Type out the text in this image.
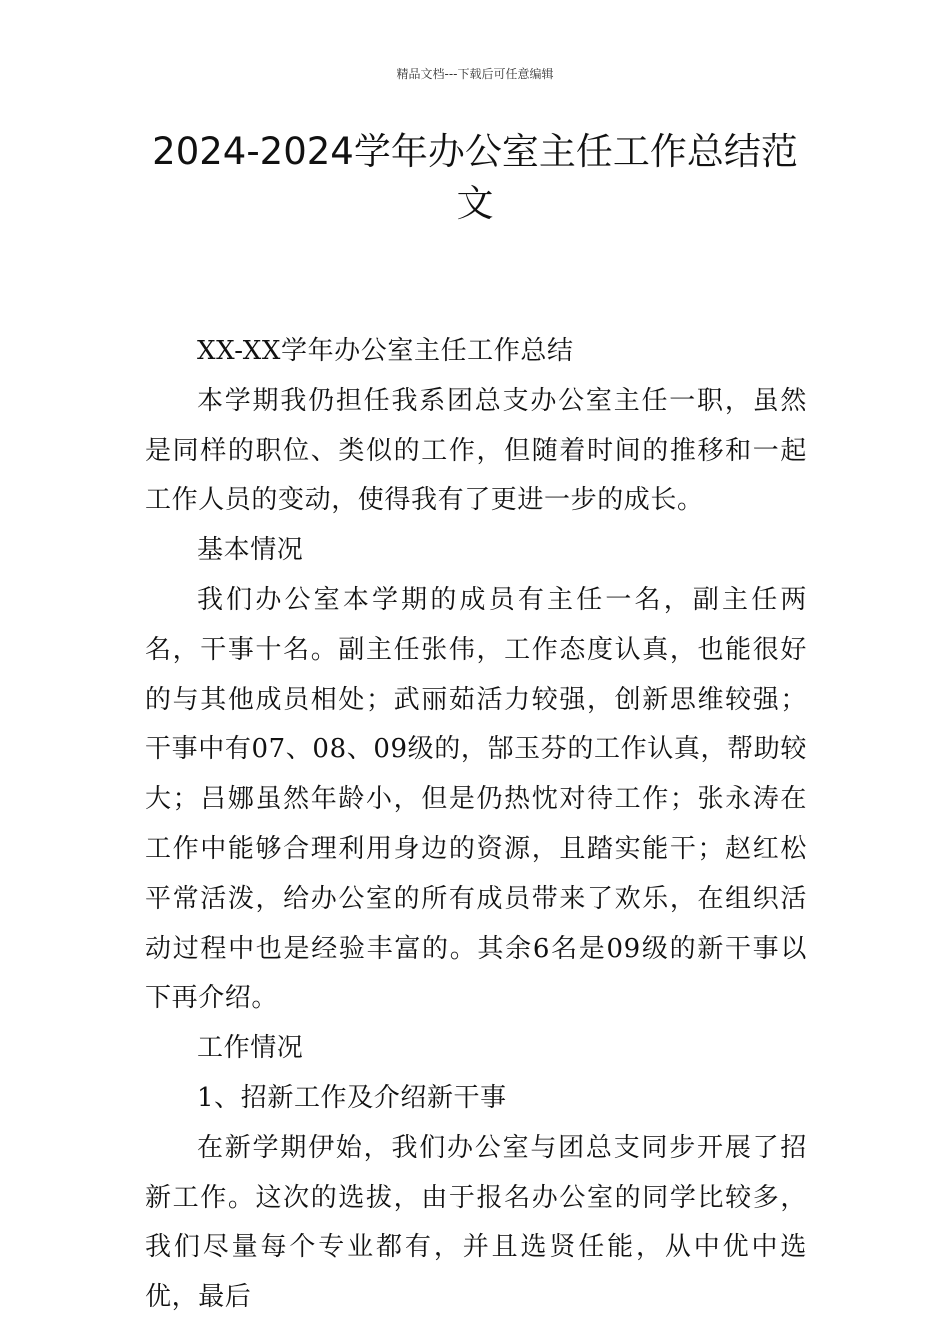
精品文档---下载后可任意编辑
2024-2024学年办公室主任工作总结范文

XX-XX学年办公室主任工作总结

本学期我仍担任我系团总支办公室主任一职，虽然是同样的职位、类似的工作，但随着时间的推移和一起工作人员的变动，使得我有了更进一步的成长。

基本情况

我们办公室本学期的成员有主任一名，副主任两名，干事十名。副主任张伟，工作态度认真，也能很好的与其他成员相处；武丽茹活力较强，创新思维较强；干事中有07、08、09级的，郜玉芬的工作认真，帮助较大；吕娜虽然年龄小，但是仍热忱对待工作；张永涛在工作中能够合理利用身边的资源，且踏实能干；赵红松平常活泼，给办公室的所有成员带来了欢乐，在组织活动过程中也是经验丰富的。其余6名是09级的新干事以下再介绍。

工作情况

1、招新工作及介绍新干事

在新学期伊始，我们办公室与团总支同步开展了招新工作。这次的选拔，由于报名办公室的同学比较多，我们尽量每个专业都有，并且选贤任能，从中优中选优，最后
